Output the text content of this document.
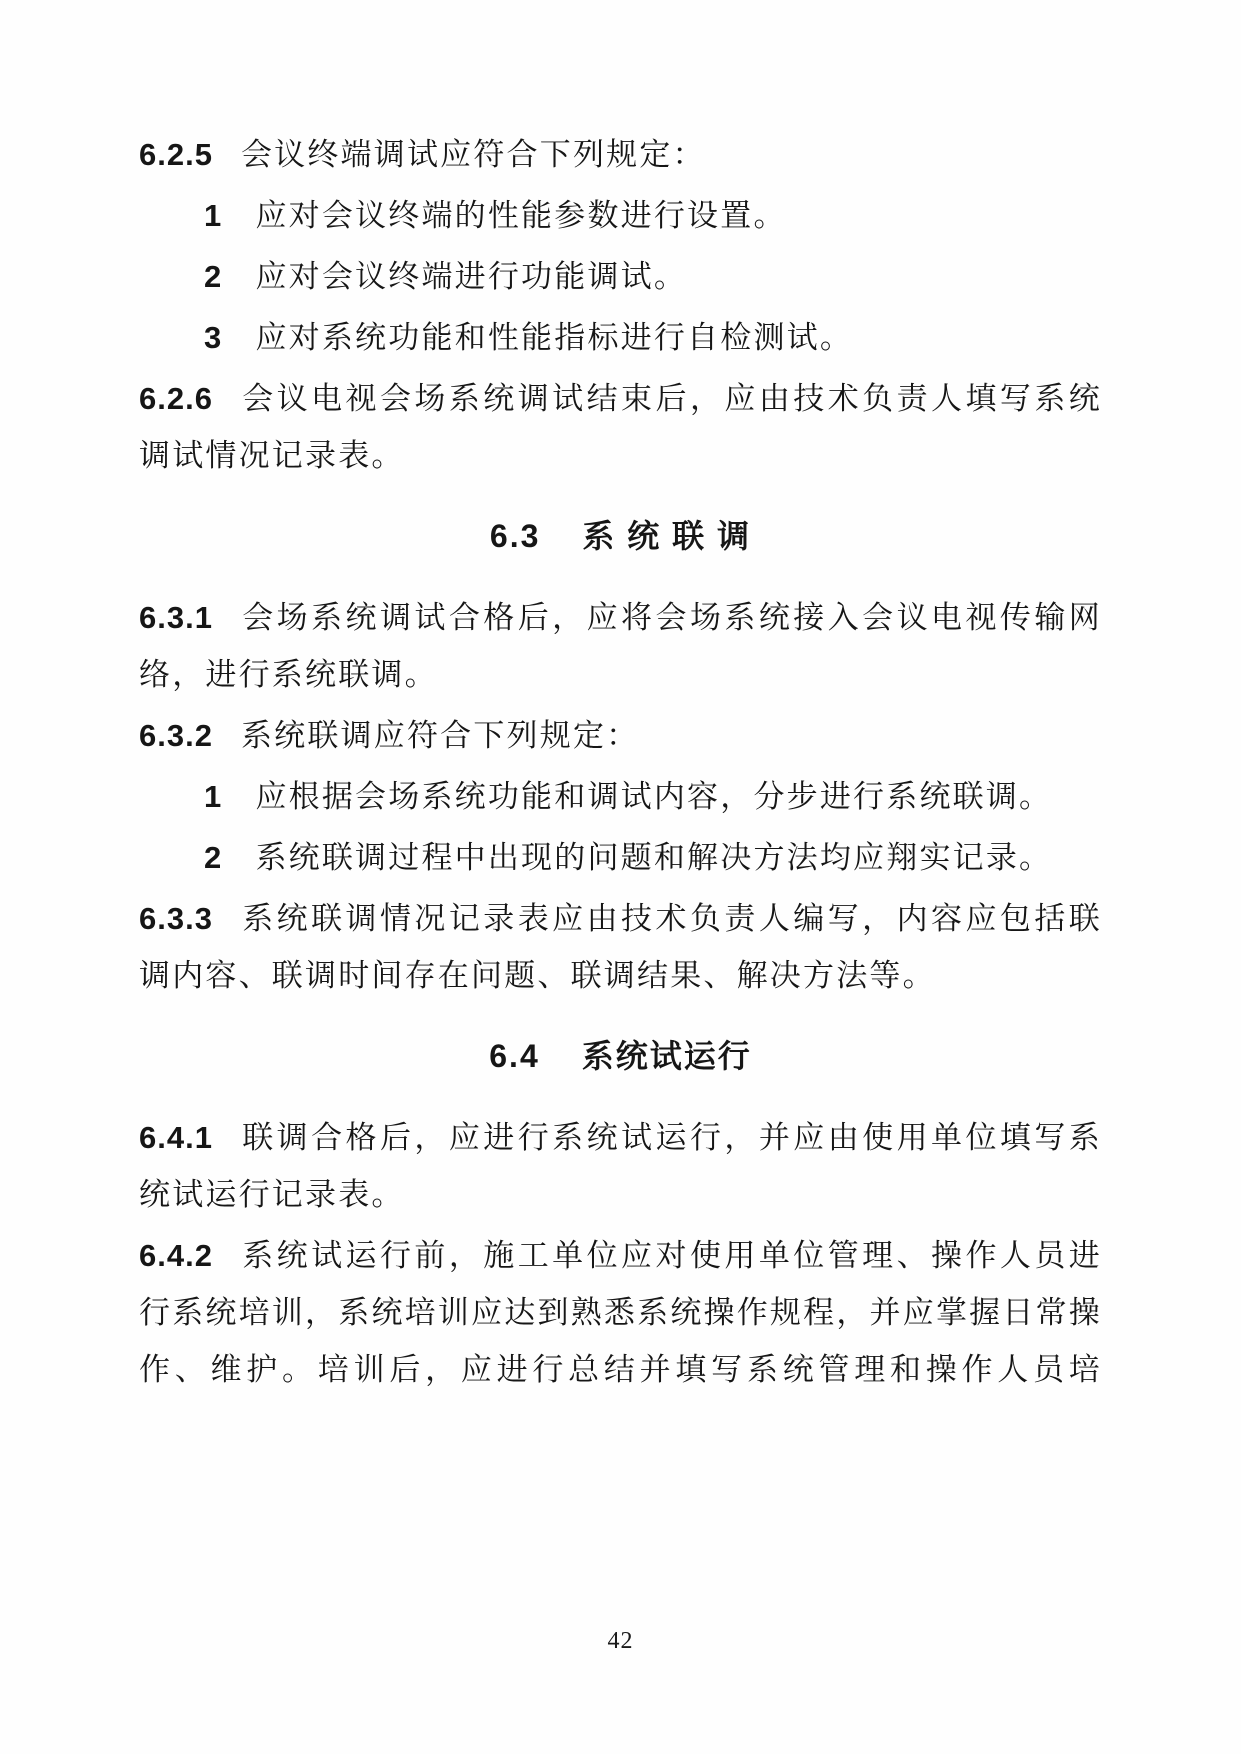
6.2.5 会议终端调试应符合下列规定：

1 应对会议终端的性能参数进行设置。

2 应对会议终端进行功能调试。

3 应对系统功能和性能指标进行自检测试。

6.2.6 会议电视会场系统调试结束后，应由技术负责人填写系统调试情况记录表。

6.3 系 统 联 调

6.3.1 会场系统调试合格后，应将会场系统接入会议电视传输网络，进行系统联调。

6.3.2 系统联调应符合下列规定：

1 应根据会场系统功能和调试内容，分步进行系统联调。

2 系统联调过程中出现的问题和解决方法均应翔实记录。

6.3.3 系统联调情况记录表应由技术负责人编写，内容应包括联调内容、联调时间存在问题、联调结果、解决方法等。

6.4 系统试运行

6.4.1 联调合格后，应进行系统试运行，并应由使用单位填写系统试运行记录表。

6.4.2 系统试运行前，施工单位应对使用单位管理、操作人员进行系统培训，系统培训应达到熟悉系统操作规程，并应掌握日常操作、维护。培训后，应进行总结并填写系统管理和操作人员培

42
